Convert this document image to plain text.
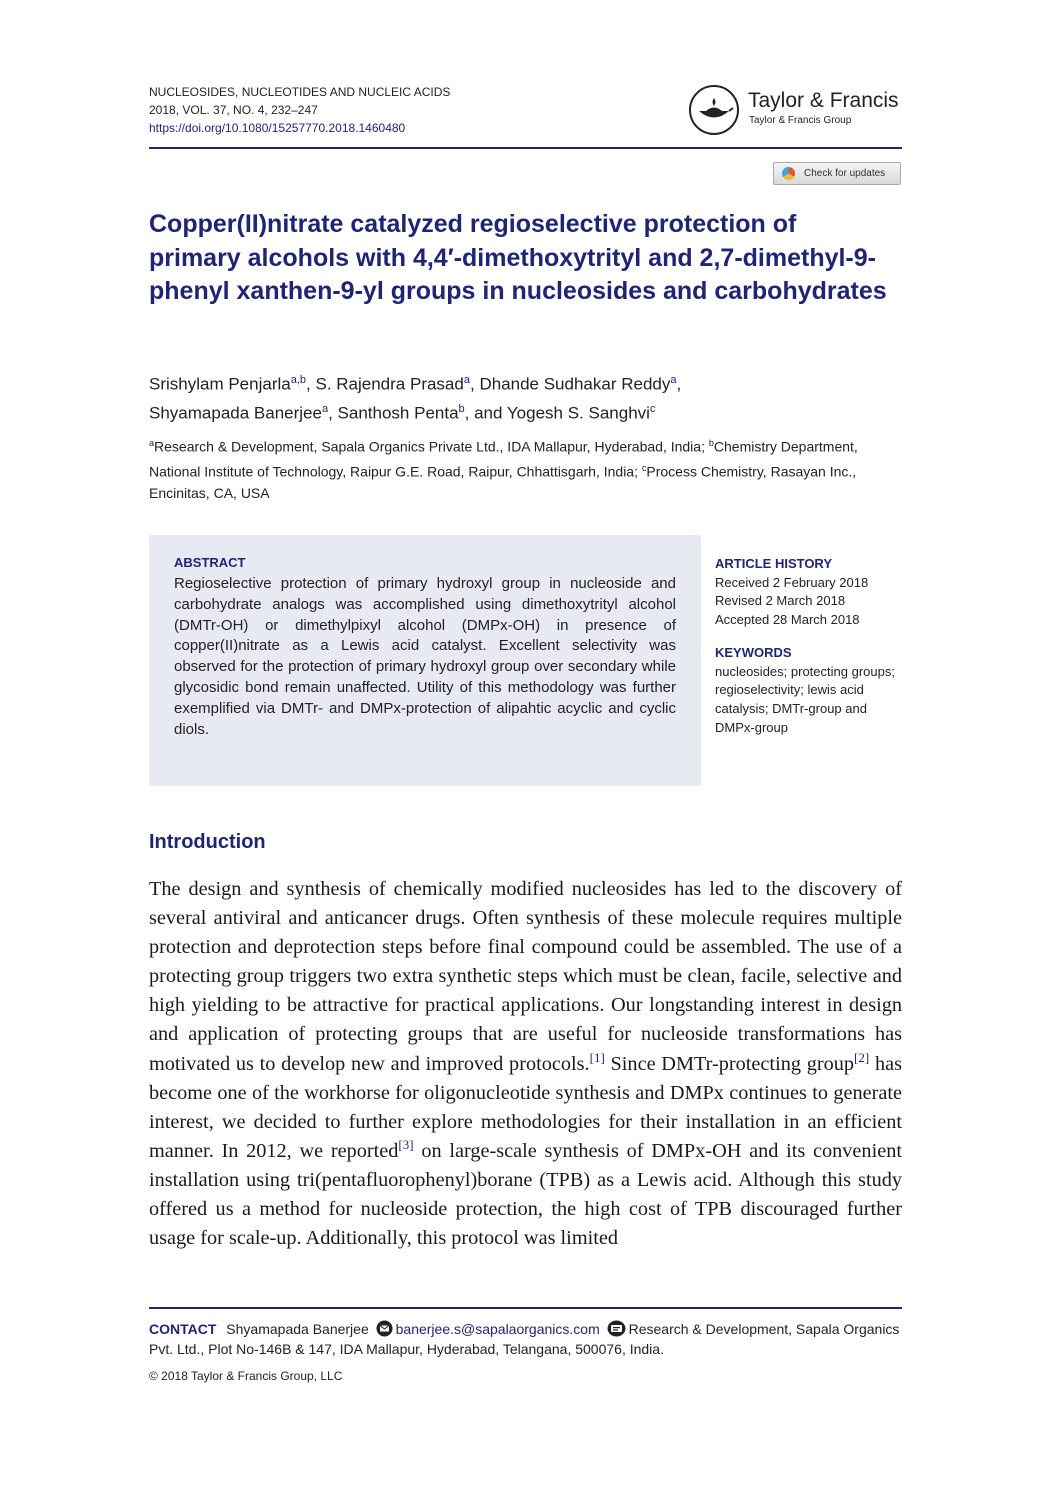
NUCLEOSIDES, NUCLEOTIDES AND NUCLEIC ACIDS
2018, VOL. 37, NO. 4, 232–247
https://doi.org/10.1080/15257770.2018.1460480
Taylor & Francis
Taylor & Francis Group
Check for updates
Copper(II)nitrate catalyzed regioselective protection of primary alcohols with 4,4′-dimethoxytrityl and 2,7-dimethyl-9-phenyl xanthen-9-yl groups in nucleosides and carbohydrates
Srishylam Penjarla$^{a,b}$, S. Rajendra Prasad$^a$, Dhande Sudhakar Reddy$^a$,
Shyamapada Banerjee$^a$, Santhosh Penta$^b$, and Yogesh S. Sanghvi$^c$
$^a$Research & Development, Sapala Organics Private Ltd., IDA Mallapur, Hyderabad, India; $^b$Chemistry Department, National Institute of Technology, Raipur G.E. Road, Raipur, Chhattisgarh, India; $^c$Process Chemistry, Rasayan Inc., Encinitas, CA, USA
ABSTRACT

Regioselective protection of primary hydroxyl group in nucleoside and carbohydrate analogs was accomplished using dimethoxytrityl alcohol (DMTr-OH) or dimethylpixyl alcohol (DMPx-OH) in presence of copper(II)nitrate as a Lewis acid catalyst. Excellent selectivity was observed for the protection of primary hydroxyl group over secondary while glycosidic bond remain unaffected. Utility of this methodology was further exemplified via DMTr- and DMPx-protection of alipahtic acyclic and cyclic diols.

ARTICLE HISTORY
Received 2 February 2018
Revised 2 March 2018
Accepted 28 March 2018
KEYWORDS
nucleosides; protecting groups; regioselectivity; lewis acid catalysis; DMTr-group and DMPx-group
Introduction

The design and synthesis of chemically modified nucleosides has led to the discovery of several antiviral and anticancer drugs. Often synthesis of these molecule requires multiple protection and deprotection steps before final compound could be assembled. The use of a protecting group triggers two extra synthetic steps which must be clean, facile, selective and high yielding to be attractive for practical applications. Our longstanding interest in design and application of protecting groups that are useful for nucleoside transformations has motivated us to develop new and improved protocols.[1] Since DMTr-protecting group[2] has become one of the workhorse for oligonucleotide synthesis and DMPx continues to generate interest, we decided to further explore methodologies for their installation in an efficient manner. In 2012, we reported[3] on large-scale synthesis of DMPx-OH and its convenient installation using tri(pentafluorophenyl)borane (TPB) as a Lewis acid. Although this study offered us a method for nucleoside protection, the high cost of TPB discouraged further usage for scale-up. Additionally, this protocol was limited

CONTACT Shyamapada Banerjee banerjee.s@sapalaorganics.com Research & Development, Sapala Organics Pvt. Ltd., Plot No-146B & 147, IDA Mallapur, Hyderabad, Telangana, 500076, India.
© 2018 Taylor & Francis Group, LLC
